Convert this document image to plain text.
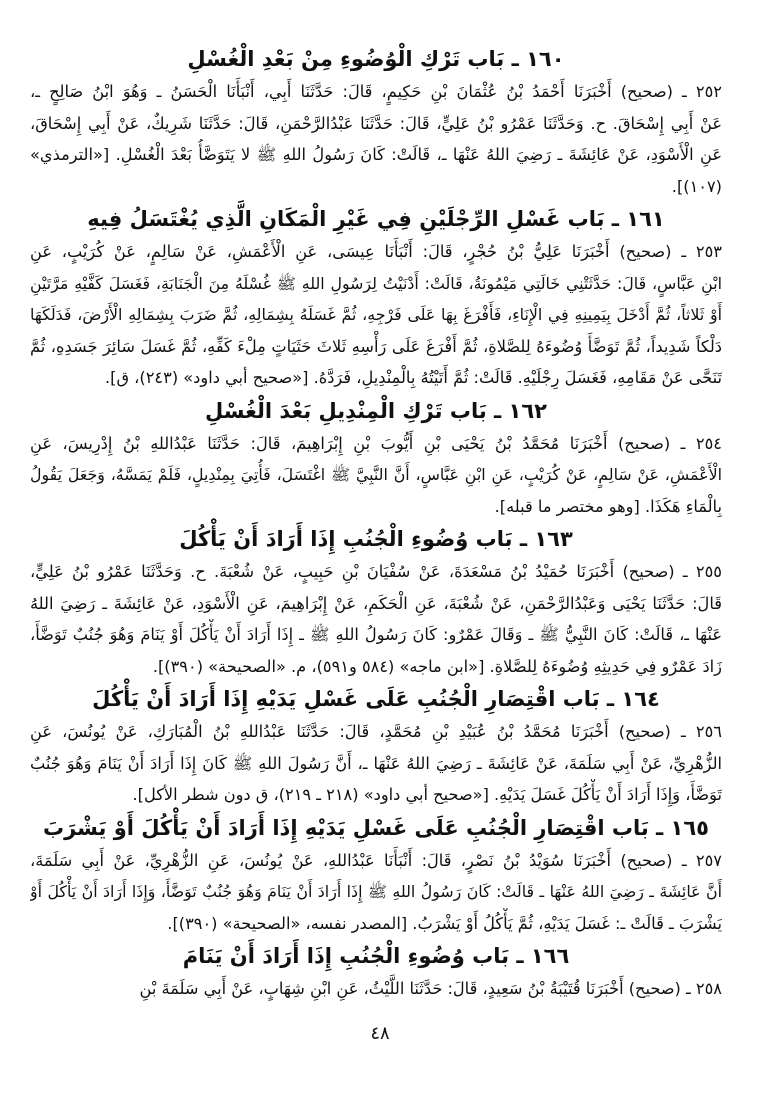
١٦٠ ـ بَاب تَرْكِ الْوُضُوءِ مِنْ بَعْدِ الْغُسْلِ
٢٥٢ ـ (صحيح) أَخْبَرَنَا أَحْمَدُ بْنُ عُثْمَانَ بْنِ حَكِيمٍ، قَالَ: حَدَّثَنَا أَبِي، أَنْبَأَنَا الْحَسَنُ ـ وَهُوَ ابْنُ صَالِحٍ ـ،
عَنْ أَبِي إِسْحَاقَ. ح. وَحَدَّثَنَا عَمْرُو بْنُ عَلِيٍّ، قَالَ: حَدَّثَنَا عَبْدُالرَّحْمَنِ، قَالَ: حَدَّثَنَا شَرِيكٌ، عَنْ أَبِي إِسْحَاقَ،
عَنِ الْأَسْوَدِ، عَنْ عَائِشَةَ ـ رَضِيَ اللهُ عَنْهَا ـ، قَالَتْ: كَانَ رَسُولُ اللهِ ﷺ لا يَتَوَضَّأُ بَعْدَ الْغُسْلِ. [«الترمذي»
(١٠٧)].
١٦١ ـ بَاب غَسْلِ الرِّجْلَيْنِ فِي غَيْرِ الْمَكَانِ الَّذِي يُغْتَسَلُ فِيهِ
٢٥٣ ـ (صحيح) أَخْبَرَنَا عَلِيُّ بْنُ حُجْرٍ، قَالَ: أَنْبَأَنَا عِيسَى، عَنِ الْأَعْمَشِ، عَنْ سَالِمٍ، عَنْ كُرَيْبٍ، عَنِ
ابْنِ عَبَّاسٍ، قَالَ: حَدَّثَتْنِي خَالَتِي مَيْمُونَةُ، قَالَتْ: أَدْنَيْتُ لِرَسُولِ اللهِ ﷺ غُسْلَهُ مِنَ الْجَنَابَةِ، فَغَسَلَ كَفَّيْهِ مَرَّتَيْنِ
أَوْ ثَلاثاً، ثُمَّ أَدْخَلَ بِيَمِينِهِ فِي الْإِنَاءِ، فَأَفْرَغَ بِهَا عَلَى فَرْجِهِ، ثُمَّ غَسَلَهُ بِشِمَالِهِ، ثُمَّ ضَرَبَ بِشِمَالِهِ الْأَرْضَ، فَدَلَكَهَا
دَلْكاً شَدِيداً، ثُمَّ تَوَضَّأَ وُضُوءَهُ لِلصَّلاةِ، ثُمَّ أَفْرَغَ عَلَى رَأْسِهِ ثَلاثَ حَثَيَاتٍ مِلْءَ كَفِّهِ، ثُمَّ غَسَلَ سَائِرَ جَسَدِهِ، ثُمَّ
تَنَحَّى عَنْ مَقَامِهِ، فَغَسَلَ رِجْلَيْهِ. قَالَتْ: ثُمَّ أَتَيْتُهُ بِالْمِنْدِيلِ، فَرَدَّهُ. [«صحيح أبي داود» (٢٤٣)، ق].
١٦٢ ـ بَاب تَرْكِ الْمِنْدِيلِ بَعْدَ الْغُسْلِ
٢٥٤ ـ (صحيح) أَخْبَرَنَا مُحَمَّدُ بْنُ يَحْيَى بْنِ أَيُّوبَ بْنِ إِبْرَاهِيمَ، قَالَ: حَدَّثَنَا عَبْدُاللهِ بْنُ إِدْرِيسَ، عَنِ
الْأَعْمَشِ، عَنْ سَالِمٍ، عَنْ كُرَيْبٍ، عَنِ ابْنِ عَبَّاسٍ، أَنَّ النَّبِيَّ ﷺ اغْتَسَلَ، فَأُتِيَ بِمِنْدِيلٍ، فَلَمْ يَمَسَّهُ، وَجَعَلَ يَقُولُ
بِالْمَاءِ هَكَذَا. [وهو مختصر ما قبله].
١٦٣ ـ بَاب وُضُوءِ الْجُنُبِ إِذَا أَرَادَ أَنْ يَأْكُلَ
٢٥٥ ـ (صحيح) أَخْبَرَنَا حُمَيْدُ بْنُ مَسْعَدَةَ، عَنْ سُفْيَانَ بْنِ حَبِيبٍ، عَنْ شُعْبَةَ. ح. وَحَدَّثَنَا عَمْرُو بْنُ عَلِيٍّ،
قَالَ: حَدَّثَنَا يَحْيَى وَعَبْدُالرَّحْمَنِ، عَنْ شُعْبَةَ، عَنِ الْحَكَمِ، عَنْ إِبْرَاهِيمَ، عَنِ الْأَسْوَدِ، عَنْ عَائِشَةَ ـ رَضِيَ اللهُ
عَنْهَا ـ، قَالَتْ: كَانَ النَّبِيُّ ﷺ ـ وَقَالَ عَمْرٌو: كَانَ رَسُولُ اللهِ ﷺ ـ إِذَا أَرَادَ أَنْ يَأْكُلَ أَوْ يَنَامَ وَهُوَ جُنُبٌ تَوَضَّأَ،
زَادَ عَمْرٌو فِي حَدِيثِهِ وُضُوءَهُ لِلصَّلاةِ. [«ابن ماجه» (٥٨٤ و٥٩١)، م. «الصحيحة» (٣٩٠)].
١٦٤ ـ بَاب اقْتِصَارِ الْجُنُبِ عَلَى غَسْلِ يَدَيْهِ إِذَا أَرَادَ أَنْ يَأْكُلَ
٢٥٦ ـ (صحيح) أَخْبَرَنَا مُحَمَّدُ بْنُ عُبَيْدِ بْنِ مُحَمَّدٍ، قَالَ: حَدَّثَنَا عَبْدُاللهِ بْنُ الْمُبَارَكِ، عَنْ يُونُسَ، عَنِ
الزُّهْرِيِّ، عَنْ أَبِي سَلَمَةَ، عَنْ عَائِشَةَ ـ رَضِيَ اللهُ عَنْهَا ـ، أَنَّ رَسُولَ اللهِ ﷺ كَانَ إِذَا أَرَادَ أَنْ يَنَامَ وَهُوَ جُنُبٌ
تَوَضَّأَ، وَإِذَا أَرَادَ أَنْ يَأْكُلَ غَسَلَ يَدَيْهِ. [«صحيح أبي داود» (٢١٨ ـ ٢١٩)، ق دون شطر الأكل].
١٦٥ ـ بَاب اقْتِصَارِ الْجُنُبِ عَلَى غَسْلِ يَدَيْهِ إِذَا أَرَادَ أَنْ يَأْكُلَ أَوْ يَشْرَبَ
٢٥٧ ـ (صحيح) أَخْبَرَنَا سُوَيْدُ بْنُ نَصْرٍ، قَالَ: أَنْبَأَنَا عَبْدُاللهِ، عَنْ يُونُسَ، عَنِ الزُّهْرِيِّ، عَنْ أَبِي سَلَمَةَ،
أَنَّ عَائِشَةَ ـ رَضِيَ اللهُ عَنْهَا ـ قَالَتْ: كَانَ رَسُولُ اللهِ ﷺ إِذَا أَرَادَ أَنْ يَنَامَ وَهُوَ جُنُبٌ تَوَضَّأَ، وَإِذَا أَرَادَ أَنْ يَأْكُلَ أَوْ
يَشْرَبَ ـ قَالَتْ ـ: غَسَلَ يَدَيْهِ، ثُمَّ يَأْكُلُ أَوْ يَشْرَبُ. [المصدر نفسه، «الصحيحة» (٣٩٠)].
١٦٦ ـ بَاب وُضُوءِ الْجُنُبِ إِذَا أَرَادَ أَنْ يَنَامَ
٢٥٨ ـ (صحيح) أَخْبَرَنَا قُتَيْبَةُ بْنُ سَعِيدٍ، قَالَ: حَدَّثَنَا اللَّيْثُ، عَنِ ابْنِ شِهَابٍ، عَنْ أَبِي سَلَمَةَ بْنِ
٤٨
